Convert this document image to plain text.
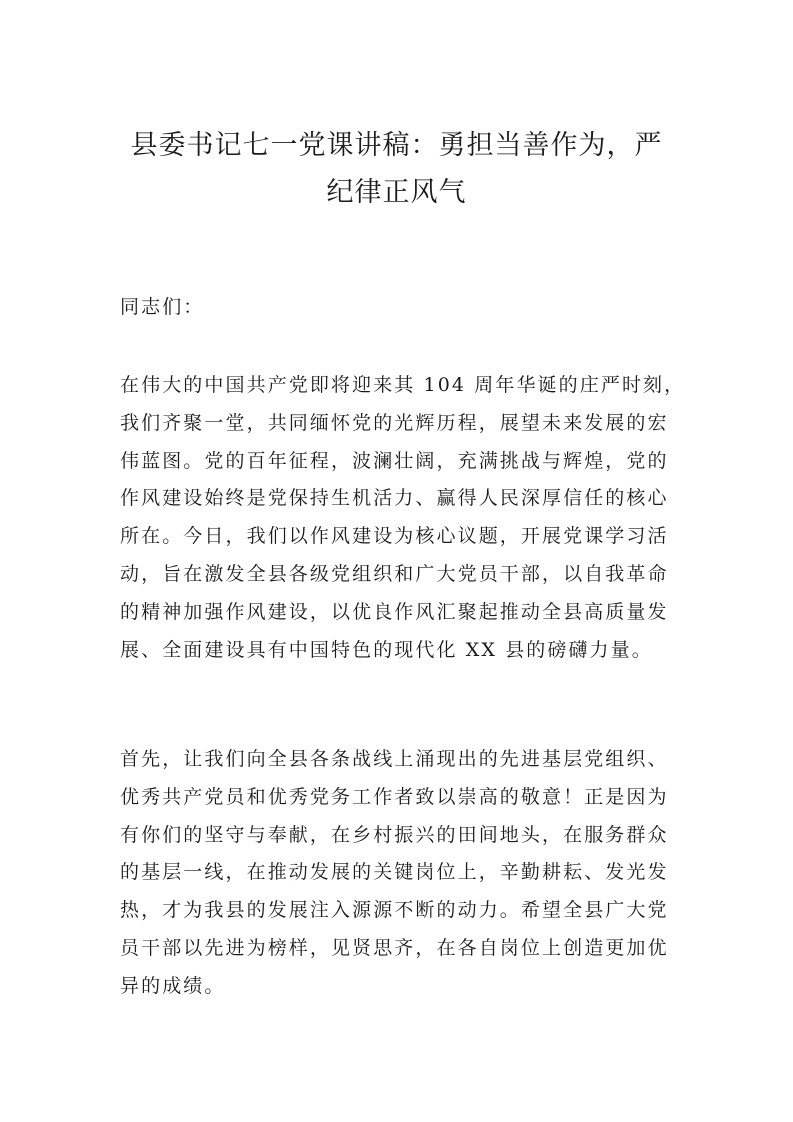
县委书记七一党课讲稿：勇担当善作为，严
纪律正风气

同志们：

在伟大的中国共产党即将迎来其 104 周年华诞的庄严时刻，
我们齐聚一堂，共同缅怀党的光辉历程，展望未来发展的宏
伟蓝图。党的百年征程，波澜壮阔，充满挑战与辉煌，党的
作风建设始终是党保持生机活力、赢得人民深厚信任的核心
所在。今日，我们以作风建设为核心议题，开展党课学习活
动，旨在激发全县各级党组织和广大党员干部，以自我革命
的精神加强作风建设，以优良作风汇聚起推动全县高质量发
展、全面建设具有中国特色的现代化 XX 县的磅礴力量。

首先，让我们向全县各条战线上涌现出的先进基层党组织、
优秀共产党员和优秀党务工作者致以崇高的敬意！正是因为
有你们的坚守与奉献，在乡村振兴的田间地头，在服务群众
的基层一线，在推动发展的关键岗位上，辛勤耕耘、发光发
热，才为我县的发展注入源源不断的动力。希望全县广大党
员干部以先进为榜样，见贤思齐，在各自岗位上创造更加优
异的成绩。
